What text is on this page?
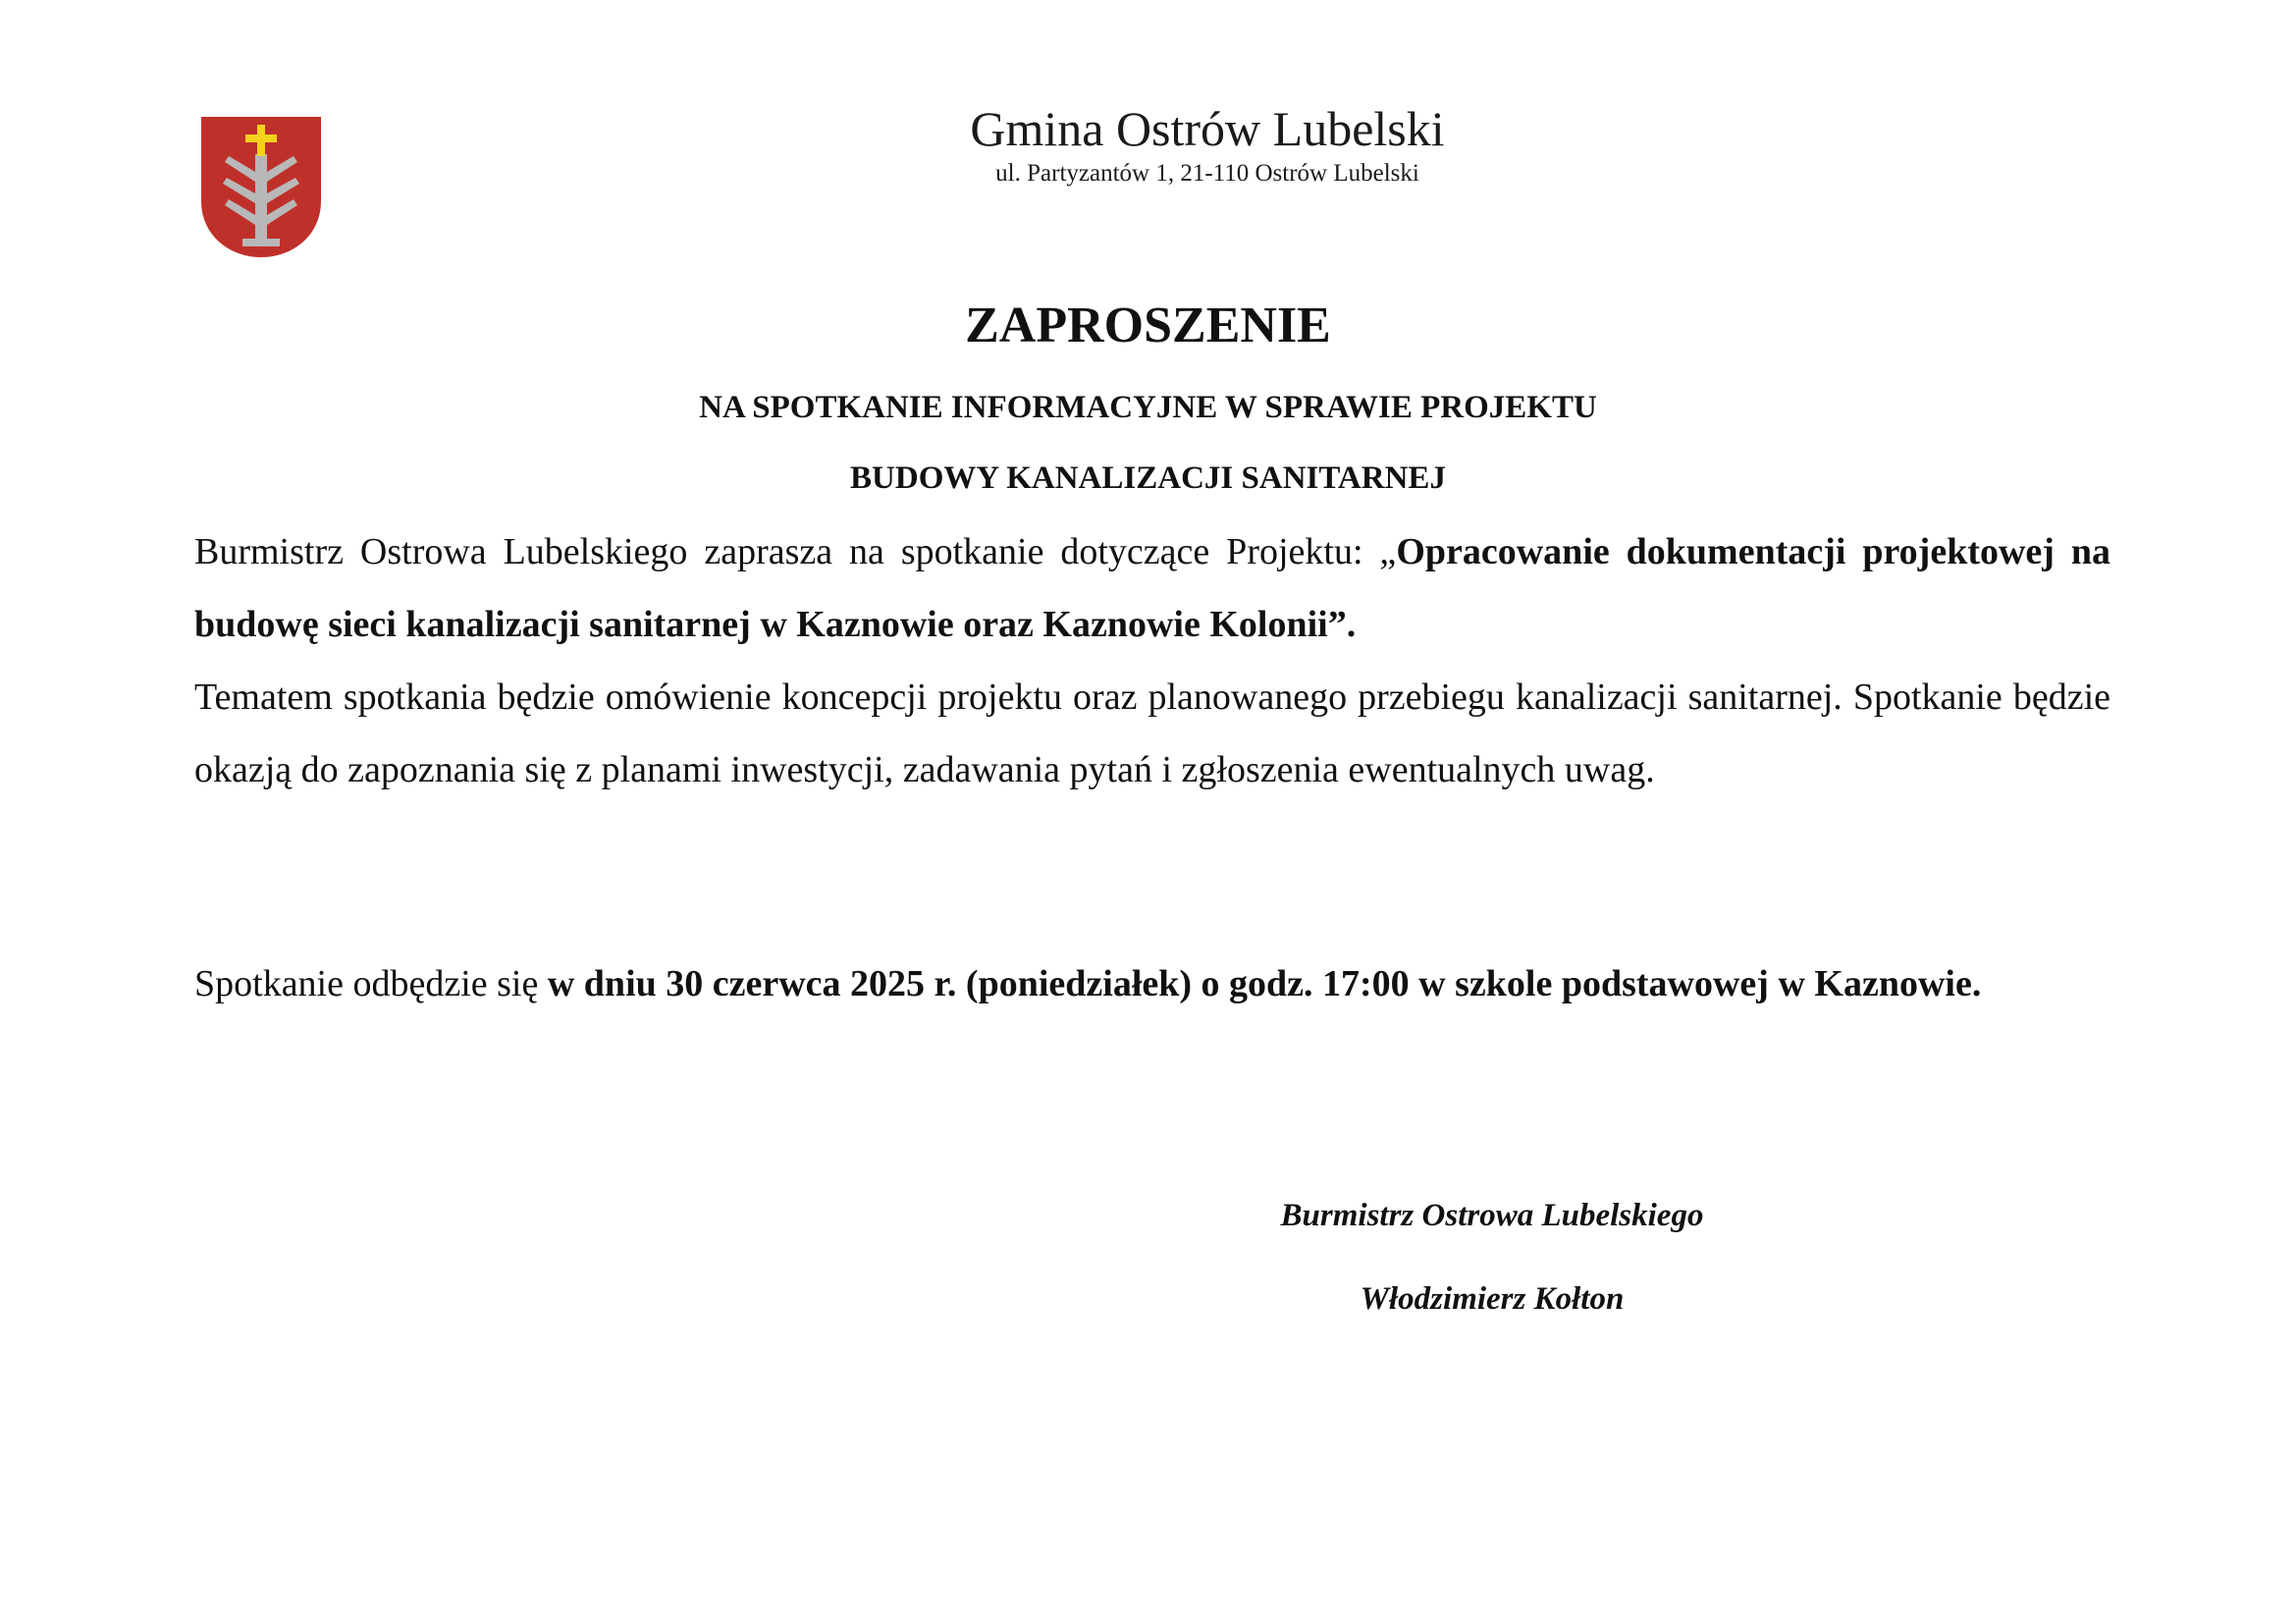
Gmina Ostrów Lubelski
ul. Partyzantów 1, 21-110 Ostrów Lubelski
ZAPROSZENIE
NA SPOTKANIE INFORMACYJNE W SPRAWIE PROJEKTU
BUDOWY KANALIZACJI SANITARNEJ
Burmistrz Ostrowa Lubelskiego zaprasza na spotkanie dotyczące Projektu: „Opracowanie dokumentacji projektowej na budowę sieci kanalizacji sanitarnej w Kaznowie oraz Kaznowie Kolonii”.
Tematem spotkania będzie omówienie koncepcji projektu oraz planowanego przebiegu kanalizacji sanitarnej. Spotkanie będzie okazją do zapoznania się z planami inwestycji, zadawania pytań i zgłoszenia ewentualnych uwag.
Spotkanie odbędzie się w dniu 30 czerwca 2025 r. (poniedziałek) o godz. 17:00 w szkole podstawowej w Kaznowie.
Burmistrz Ostrowa Lubelskiego
Włodzimierz Kołton
